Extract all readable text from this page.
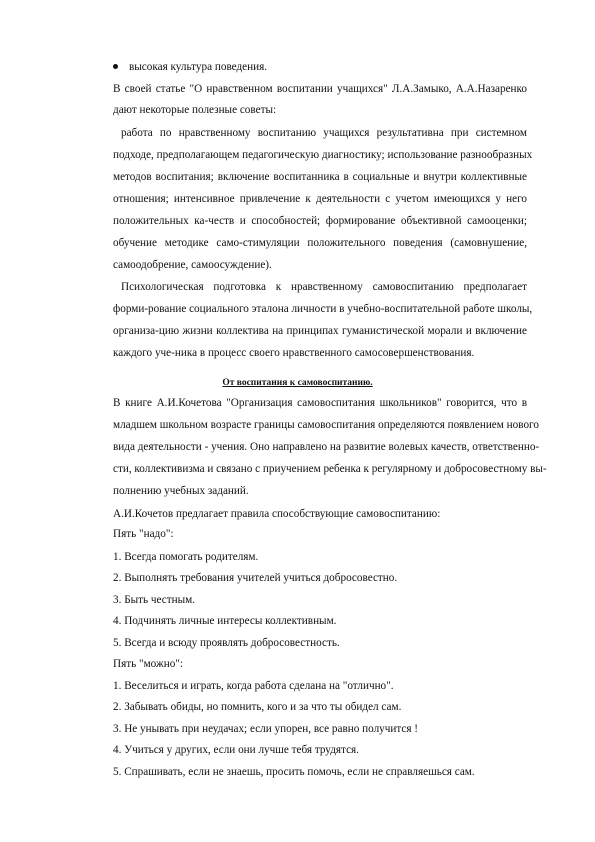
высокая культура поведения.
В своей статье "О нравственном воспитании учащихся" Л.А.Замыко, А.А.Назаренко
дают некоторые полезные советы:
работа по нравственному воспитанию учащихся результативна при системном
подходе, предполагающем педагогическую диагностику; использование разнообразных
методов воспитания; включение воспитанника в социальные и внутри коллективные
отношения; интенсивное привлечение к деятельности с учетом имеющихся у него
положительных ка-честв и способностей; формирование объективной самооценки;
обучение методике само-стимуляции положительного поведения (самовнушение,
самоодобрение, самоосуждение).
Психологическая подготовка к нравственному самовоспитанию предполагает
форми-рование социального эталона личности в учебно-воспитательной работе школы,
организа-цию жизни коллектива на принципах гуманистической морали и включение
каждого уче-ника в процесс своего нравственного самосовершенствования.
От воспитания к самовоспитанию.
В книге А.И.Кочетова "Организация самовоспитания школьников" говорится, что в
младшем школьном возрасте границы самовоспитания определяются появлением нового
вида деятельности - учения. Оно направлено на развитие волевых качеств, ответственно-
сти, коллективизма и связано с приучением ребенка к регулярному и добросовестному вы-
полнению учебных заданий.
А.И.Кочетов предлагает правила способствующие самовоспитанию:
Пять "надо":
1. Всегда помогать родителям.
2. Выполнять требования учителей учиться добросовестно.
3. Быть честным.
4. Подчинять личные интересы коллективным.
5. Всегда и всюду проявлять добросовестность.
Пять "можно":
1. Веселиться и играть, когда работа сделана на "отлично".
2. Забывать обиды, но помнить, кого и за что ты обидел сам.
3. Не унывать при неудачах; если упорен, все равно получится !
4. Учиться у других, если они лучше тебя трудятся.
5. Спрашивать, если не знаешь, просить помочь, если не справляешься сам.
